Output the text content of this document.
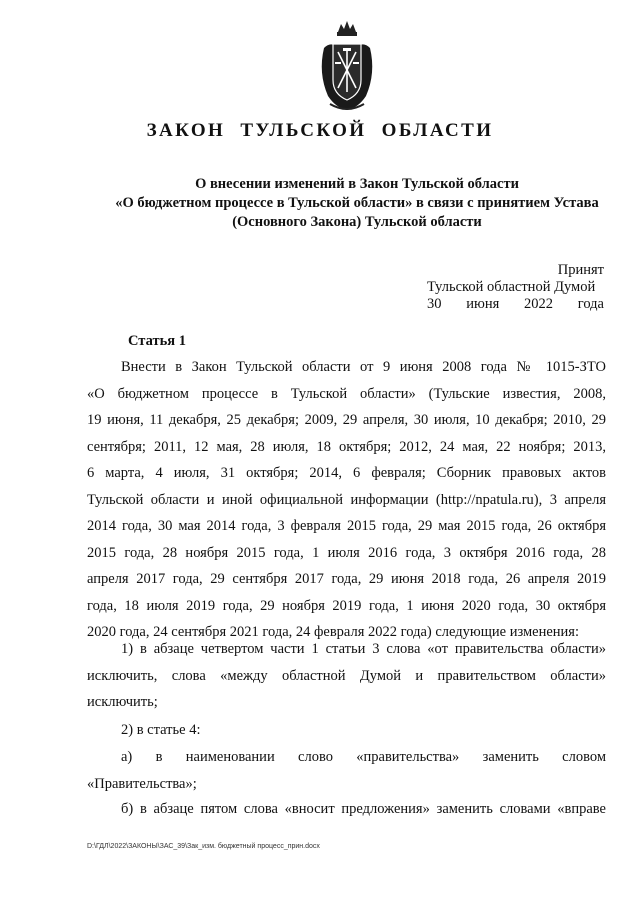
ЗАКОН ТУЛЬСКОЙ ОБЛАСТИ
О внесении изменений в Закон Тульской области
«О бюджетном процессе в Тульской области» в связи с принятием Устава
(Основного Закона) Тульской области
Принят
Тульской областной Думой
30 июня 2022 года
Статья 1
Внести в Закон Тульской области от 9 июня 2008 года № 1015-ЗТО
«О бюджетном процессе в Тульской области» (Тульские известия, 2008,
19 июня, 11 декабря, 25 декабря; 2009, 29 апреля, 30 июля, 10 декабря; 2010, 29
сентября; 2011, 12 мая, 28 июля, 18 октября; 2012, 24 мая, 22 ноября; 2013,
6 марта, 4 июля, 31 октября; 2014, 6 февраля; Сборник правовых актов
Тульской области и иной официальной информации (http://npatula.ru), 3 апреля
2014 года, 30 мая 2014 года, 3 февраля 2015 года, 29 мая 2015 года, 26 октября
2015 года, 28 ноября 2015 года, 1 июля 2016 года, 3 октября 2016 года, 28
апреля 2017 года, 29 сентября 2017 года, 29 июня 2018 года, 26 апреля 2019
года, 18 июля 2019 года, 29 ноября 2019 года, 1 июня 2020 года, 30 октября
2020 года, 24 сентября 2021 года, 24 февраля 2022 года) следующие изменения:
1) в абзаце четвертом части 1 статьи 3 слова «от правительства области»
исключить, слова «между областной Думой и правительством области»
исключить;
2) в статье 4:
а) в наименовании слово «правительства» заменить словом
«Правительства»;
б) в абзаце пятом слова «вносит предложения» заменить словами «вправе
D:\ГДЛ\2022\ЗАКОНЫ\ЗАС_39\Зак_изм. бюджетный процесс_прин.docx
